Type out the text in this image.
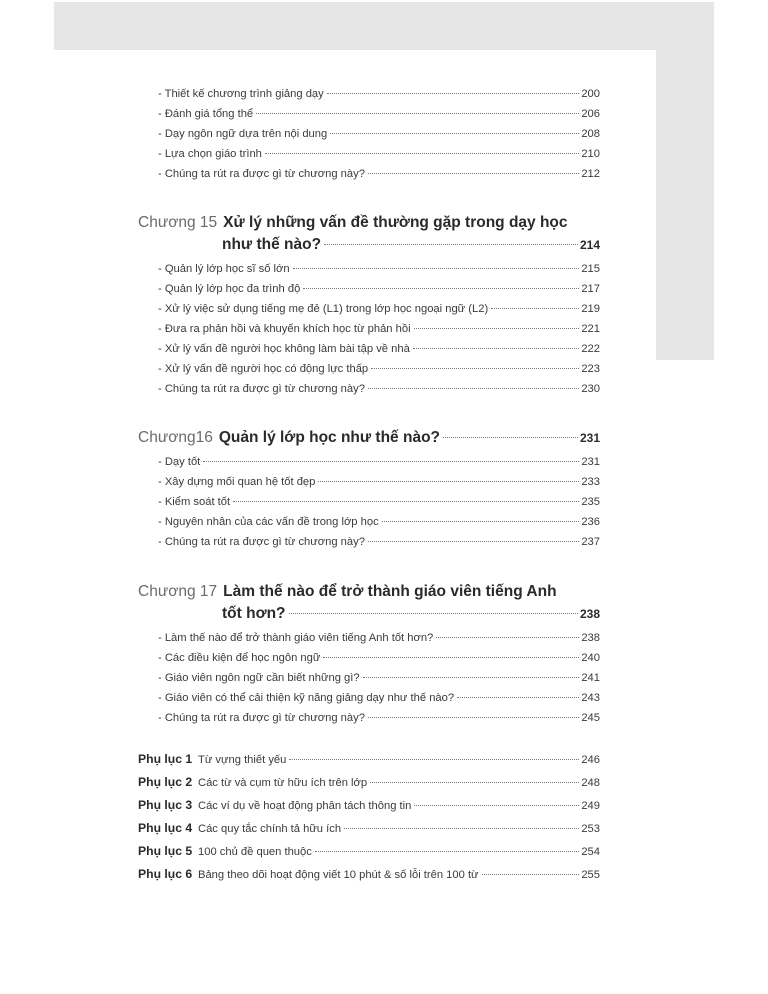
- Thiết kế chương trình giảng dạy	200
- Đánh giá tổng thể	206
- Dạy ngôn ngữ dựa trên nội dung	208
- Lựa chọn giáo trình	210
- Chúng ta rút ra được gì từ chương này?	212
Chương 15 Xử lý những vấn đề thường gặp trong dạy học
như thế nào?	214
- Quản lý lớp học sĩ số lớn	215
- Quản lý lớp học đa trình độ	217
- Xử lý việc sử dụng tiếng mẹ đẻ (L1) trong lớp học ngoại ngữ (L2)	219
- Đưa ra phản hồi và khuyến khích học từ phản hồi	221
- Xử lý vấn đề người học không làm bài tập về nhà	222
- Xử lý vấn đề người học có động lực thấp	223
- Chúng ta rút ra được gì từ chương này?	230
Chương16 Quản lý lớp học như thế nào?	231
- Dạy tốt	231
- Xây dựng mối quan hệ tốt đẹp	233
- Kiểm soát tốt	235
- Nguyên nhân của các vấn đề trong lớp học	236
- Chúng ta rút ra được gì từ chương này?	237
Chương 17 Làm thế nào để trở thành giáo viên tiếng Anh
tốt hơn?	238
- Làm thế nào để trở thành giáo viên tiếng Anh tốt hơn?	238
- Các điều kiện để học ngôn ngữ	240
- Giáo viên ngôn ngữ cần biết những gì?	241
- Giáo viên có thể cải thiện kỹ năng giảng dạy như thế nào?	243
- Chúng ta rút ra được gì từ chương này?	245
Phụ lục 1 Từ vựng thiết yếu	246
Phụ lục 2 Các từ và cụm từ hữu ích trên lớp	248
Phụ lục 3 Các ví dụ về hoạt động phân tách thông tin	249
Phụ lục 4 Các quy tắc chính tả hữu ích	253
Phụ lục 5 100 chủ đề quen thuộc	254
Phụ lục 6 Bảng theo dõi hoạt động viết 10 phút & số lỗi trên 100 từ	255
